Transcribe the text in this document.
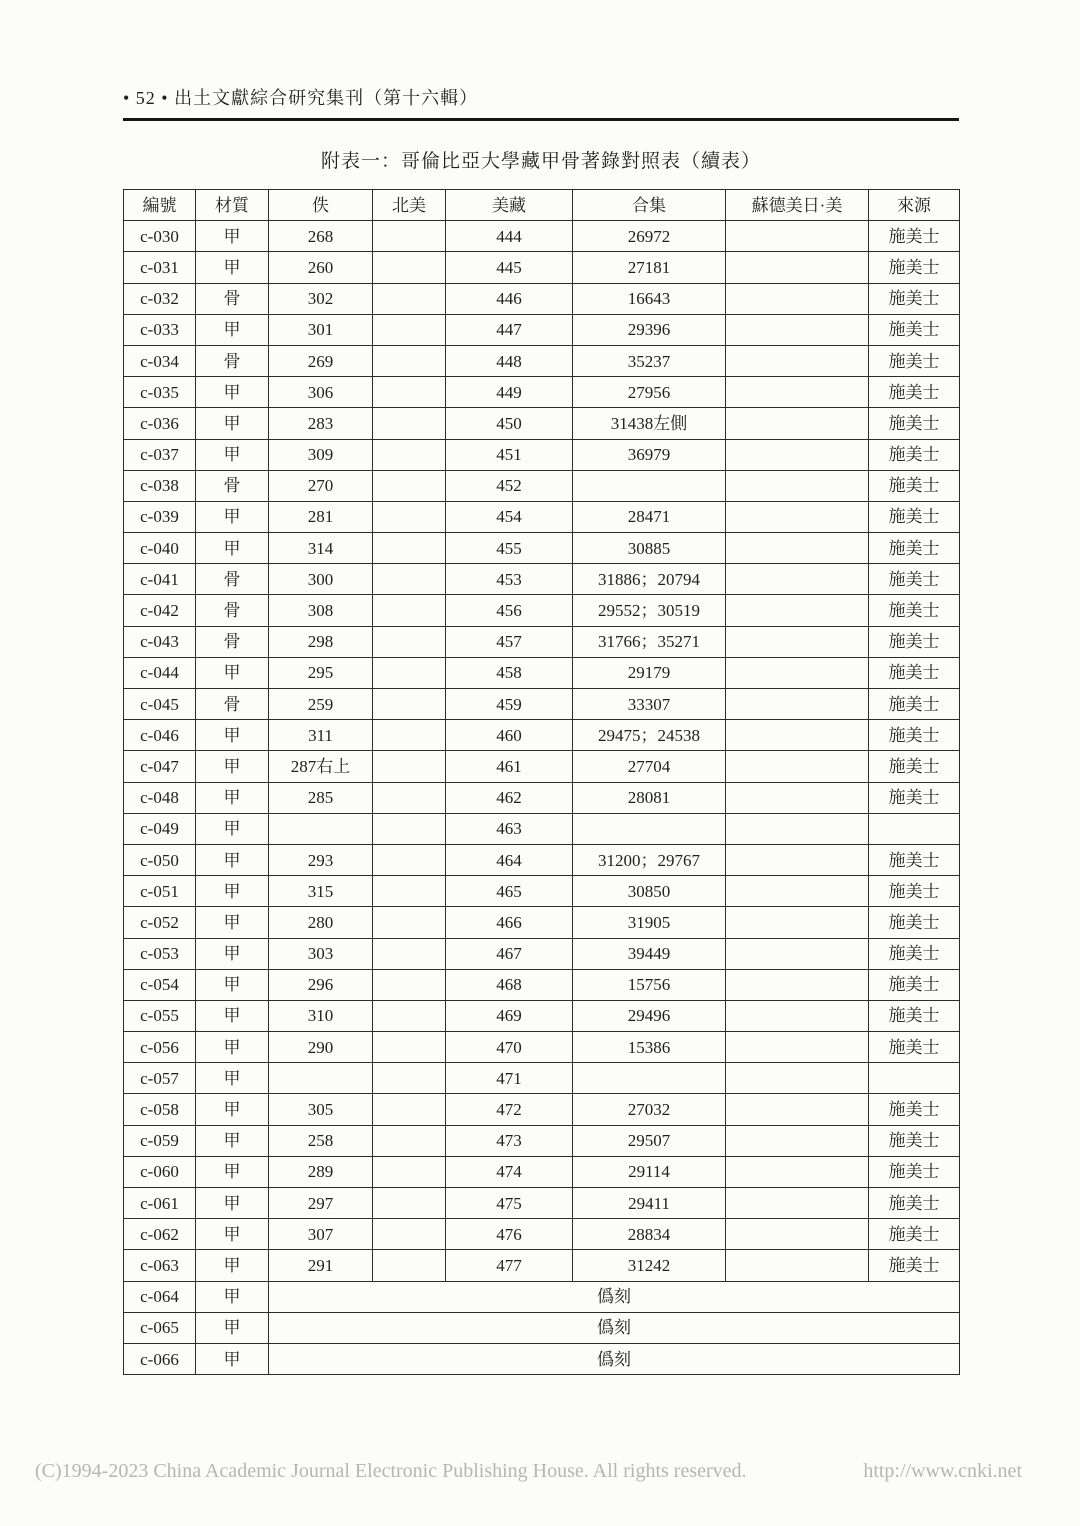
• 52 • 出土文獻綜合研究集刊（第十六輯）
附表一：哥倫比亞大學藏甲骨著錄對照表（續表）
編號	材質	佚	北美	美藏	合集	蘇德美日·美	來源
c-030	甲	268		444	26972		施美士
c-031	甲	260		445	27181		施美士
c-032	骨	302		446	16643		施美士
c-033	甲	301		447	29396		施美士
c-034	骨	269		448	35237		施美士
c-035	甲	306		449	27956		施美士
c-036	甲	283		450	31438左側		施美士
c-037	甲	309		451	36979		施美士
c-038	骨	270		452			施美士
c-039	甲	281		454	28471		施美士
c-040	甲	314		455	30885		施美士
c-041	骨	300		453	31886；20794		施美士
c-042	骨	308		456	29552；30519		施美士
c-043	骨	298		457	31766；35271		施美士
c-044	甲	295		458	29179		施美士
c-045	骨	259		459	33307		施美士
c-046	甲	311		460	29475；24538		施美士
c-047	甲	287右上		461	27704		施美士
c-048	甲	285		462	28081		施美士
c-049	甲			463			
c-050	甲	293		464	31200；29767		施美士
c-051	甲	315		465	30850		施美士
c-052	甲	280		466	31905		施美士
c-053	甲	303		467	39449		施美士
c-054	甲	296		468	15756		施美士
c-055	甲	310		469	29496		施美士
c-056	甲	290		470	15386		施美士
c-057	甲			471			
c-058	甲	305		472	27032		施美士
c-059	甲	258		473	29507		施美士
c-060	甲	289		474	29114		施美士
c-061	甲	297		475	29411		施美士
c-062	甲	307		476	28834		施美士
c-063	甲	291		477	31242		施美士
c-064	甲	僞刻					
c-065	甲	僞刻					
c-066	甲	僞刻					
(C)1994-2023 China Academic Journal Electronic Publishing House. All rights reserved.	http://www.cnki.net
